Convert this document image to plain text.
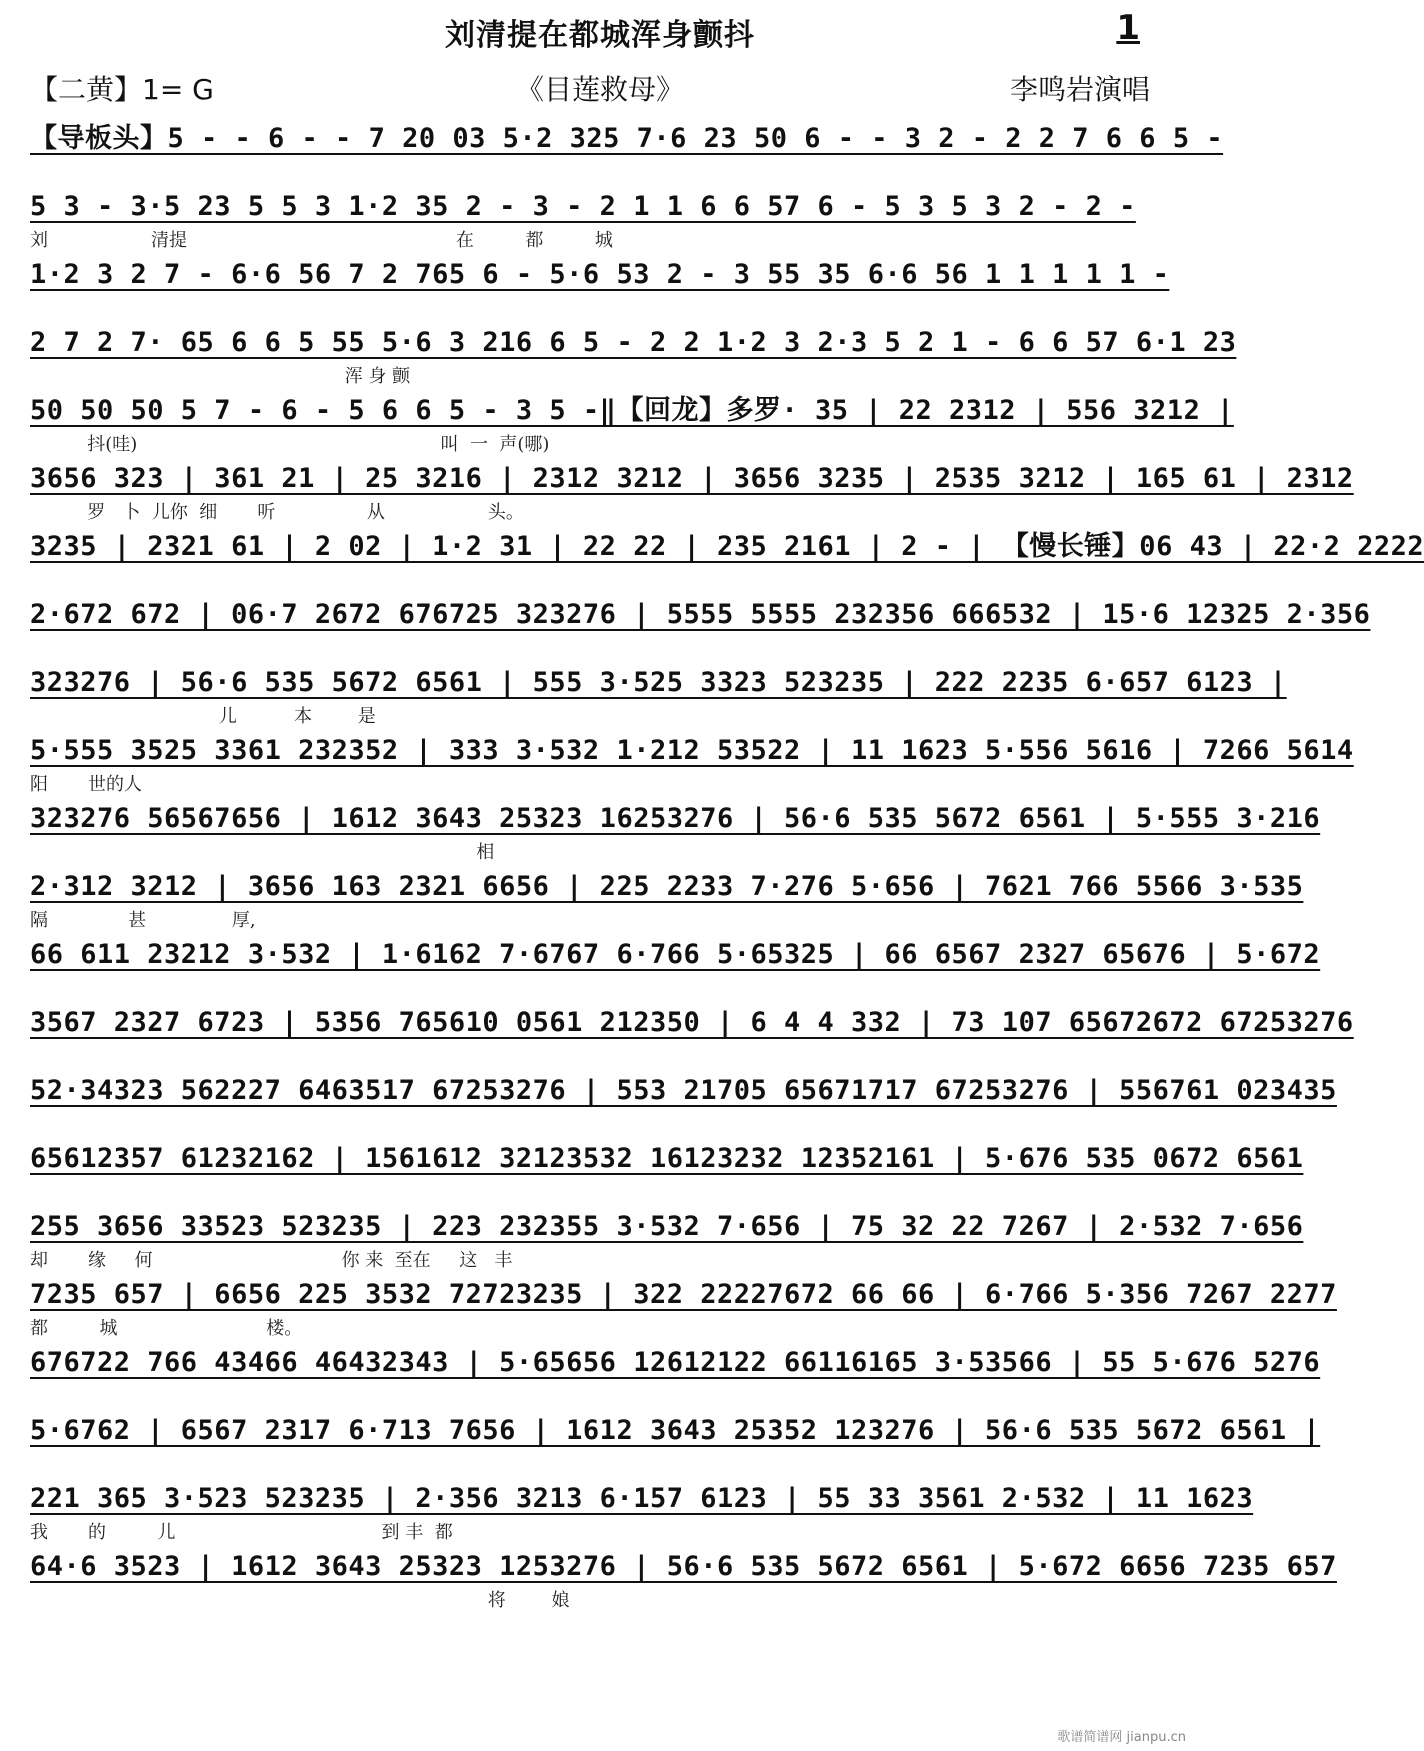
刘清提在都城浑身颤抖	1
【二黄】1= G	《目莲救母》	李鸣岩演唱
【导板头】5 - - 6 - - 7 20 03 5·2 325 7·6 23 50 6 - - 3 2 - 2 2 7 6 6 5 -
5 3 - 3·5 23 5 5 3 1·2 35 2 - 3 - 2 1 1 6 6 57 6 - 5 3 5 3 2 - 2 -
刘                  清提                                               在         都         城
1·2 3 2 7 - 6·6 56 7 2 765 6 - 5·6 53 2 - 3 55 35 6·6 56 1 1 1 1 1 -
2 7 2 7· 65 6 6 5 55 5·6 3 216 6 5 - 2 2 1·2 3 2·3 5 2 1 - 6 6 57 6·1 23
浑 身 颤
50 50 50 5 7 - 6 - 5 6 6 5 - 3 5 -‖【回龙】多罗· 35 | 22 2312 | 556 3212 |
抖(哇)                                                     叫  一  声(哪)
3656 323 | 361 21 | 25 3216 | 2312 3212 | 3656 3235 | 2535 3212 | 165 61 | 2312
罗   卜  儿你  细       听                从                  头。
3235 | 2321 61 | 2 02 | 1·2 31 | 22 22 | 235 2161 | 2 - | 【慢长锤】06 43 | 22·2 2222
2·672 672 | 06·7 2672 676725 323276 | 5555 5555 232356 666532 | 15·6 12325 2·356
323276 | 56·6 535 5672 6561 | 555 3·525 3323 523235 | 222 2235 6·657 6123 |
儿          本        是
5·555 3525 3361 232352 | 333 3·532 1·212 53522 | 11 1623 5·556 5616 | 7266 5614
阳       世的人
323276 56567656 | 1612 3643 25323 16253276 | 56·6 535 5672 6561 | 5·555 3·216
相
2·312 3212 | 3656 163 2321 6656 | 225 2233 7·276 5·656 | 7621 766 5566 3·535
隔              甚               厚,
66 611 23212 3·532 | 1·6162 7·6767 6·766 5·65325 | 66 6567 2327 65676 | 5·672
3567 2327 6723 | 5356 765610 0561 212350 | 6 4 4 332 | 73 107 65672672 67253276
52·34323 562227 6463517 67253276 | 553 21705 65671717 67253276 | 556761 023435
65612357 61232162 | 1561612 32123532 16123232 12352161 | 5·676 535 0672 6561
255 3656 33523 523235 | 223 232355 3·532 7·656 | 75 32 22 7267 | 2·532 7·656
却       缘     何                                 你 来  至在     这   丰
7235 657 | 6656 225 3532 72723235 | 322 22227672 66 66 | 6·766 5·356 7267 2277
都         城                          楼。
676722 766 43466 46432343 | 5·65656 12612122 66116165 3·53566 | 55 5·676 5276
5·6762 | 6567 2317 6·713 7656 | 1612 3643 25352 123276 | 56·6 535 5672 6561 |
221 365 3·523 523235 | 2·356 3213 6·157 6123 | 55 33 3561 2·532 | 11 1623
我       的         儿                                    到 丰  都
64·6 3523 | 1612 3643 25323 1253276 | 56·6 535 5672 6561 | 5·672 6656 7235 657
将        娘
歌谱简谱网 jianpu.cn
